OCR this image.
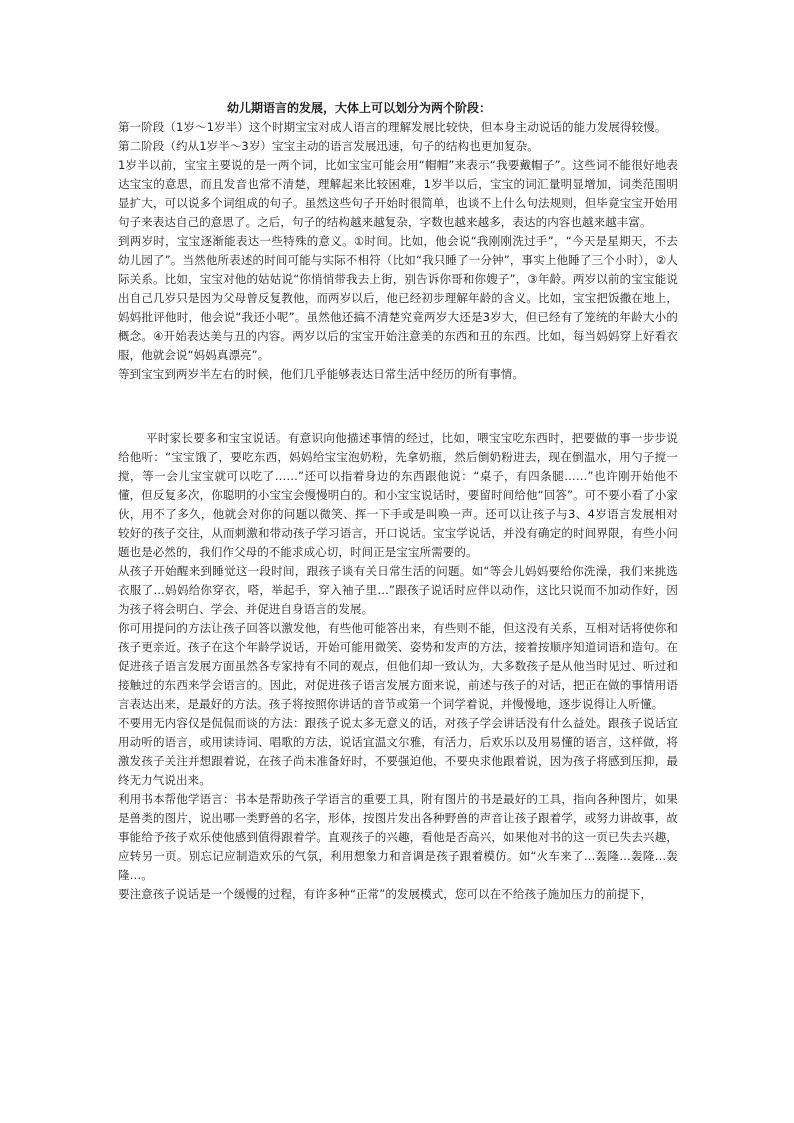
幼儿期语言的发展，大体上可以划分为两个阶段：

第一阶段（1岁～1岁半）这个时期宝宝对成人语言的理解发展比较快，但本身主动说话的能力发展得较慢。

第二阶段（约从1岁半～3岁）宝宝主动的语言发展迅速，句子的结构也更加复杂。

1岁半以前，宝宝主要说的是一两个词，比如宝宝可能会用“帽帽”来表示“我要戴帽子”。这些词不能很好地表达宝宝的意思，而且发音也常不清楚，理解起来比较困难，1岁半以后，宝宝的词汇量明显增加，词类范围明显扩大，可以说多个词组成的句子。虽然这些句子开始时很简单，也谈不上什么句法规则，但毕竟宝宝开始用句子来表达自己的意思了。之后，句子的结构越来越复杂，字数也越来越多，表达的内容也越来越丰富。

到两岁时，宝宝逐渐能表达一些特殊的意义。①时间。比如，他会说“我刚刚洗过手”，“今天是星期天，不去幼儿园了”。当然他所表述的时间可能与实际不相符（比如“我只睡了一分钟”，事实上他睡了三个小时），②人际关系。比如，宝宝对他的姑姑说“你悄悄带我去上街，别告诉你哥和你嫂子”，③年龄。两岁以前的宝宝能说出自己几岁只是因为父母曾反复教他，而两岁以后，他已经初步理解年龄的含义。比如，宝宝把饭撒在地上，妈妈批评他时，他会说“我还小呢”。虽然他还搞不清楚究竟两岁大还是3岁大，但已经有了笼统的年龄大小的概念。④开始表达美与丑的内容。两岁以后的宝宝开始注意美的东西和丑的东西。比如，每当妈妈穿上好看衣服，他就会说“妈妈真漂亮”。

等到宝宝到两岁半左右的时候，他们几乎能够表达日常生活中经历的所有事情。

平时家长要多和宝宝说话。有意识向他描述事情的经过，比如，喂宝宝吃东西时，把要做的事一步步说给他听：“宝宝饿了，要吃东西，妈妈给宝宝泡奶粉，先拿奶瓶，然后倒奶粉进去，现在倒温水，用勺子搅一搅，等一会儿宝宝就可以吃了……”还可以指着身边的东西跟他说：“桌子，有四条腿……”也许刚开始他不懂，但反复多次，你聪明的小宝宝会慢慢明白的。和小宝宝说话时，要留时间给他“回答”。可不要小看了小家伙，用不了多久，他就会对你的问题以微笑、挥一下手或是叫唤一声。还可以让孩子与3、4岁语言发展相对较好的孩子交往，从而刺激和带动孩子学习语言，开口说话。宝宝学说话，并没有确定的时间界限，有些小问题也是必然的，我们作父母的不能求成心切，时间正是宝宝所需要的。

从孩子开始醒来到睡觉这一段时间，跟孩子谈有关日常生活的问题。如“等会儿妈妈要给你洗澡，我们来挑选衣服了…妈妈给你穿衣，嗒，举起手，穿入袖子里…”跟孩子说话时应伴以动作，这比只说而不加动作好，因为孩子将会明白、学会、并促进自身语言的发展。

你可用提问的方法让孩子回答以激发他，有些他可能答出来，有些则不能，但这没有关系，互相对话将使你和孩子更亲近。孩子在这个年龄学说话，开始可能用微笑、姿势和发声的方法，接着按顺序知道词语和造句。在促进孩子语言发展方面虽然各专家持有不同的观点，但他们却一致认为，大多数孩子是从他当时见过、听过和接触过的东西来学会语言的。因此，对促进孩子语言发展方面来说，前述与孩子的对话，把正在做的事情用语言表达出来，是最好的方法。孩子将按照你讲话的音节或第一个词学着说，并慢慢地，逐步说得让人听懂。

不要用无内容仅是侃侃而谈的方法：跟孩子说太多无意义的话，对孩子学会讲话没有什么益处。跟孩子说话宜用动听的语言，或用读诗词、唱歌的方法，说话宜温文尔雅，有活力，后欢乐以及用易懂的语言，这样做，将激发孩子关注并想跟着说，在孩子尚未准备好时，不要强迫他，不要央求他跟着说，因为孩子将感到压抑，最终无力气说出来。

利用书本帮他学语言：书本是帮助孩子学语言的重要工具，附有图片的书是最好的工具，指向各种图片，如果是兽类的图片，说出哪一类野兽的名字，形体，按图片发出各种野兽的声音让孩子跟着学，或努力讲故事，故事能给予孩子欢乐使他感到值得跟着学。直观孩子的兴趣，看他是否高兴，如果他对书的这一页已失去兴趣，应转另一页。别忘记应制造欢乐的气氛，利用想象力和音调是孩子跟着模仿。如“火车来了…轰隆…轰隆…轰隆…。

要注意孩子说话是一个缓慢的过程，有许多种“正常”的发展模式，您可以在不给孩子施加压力的前提下，
